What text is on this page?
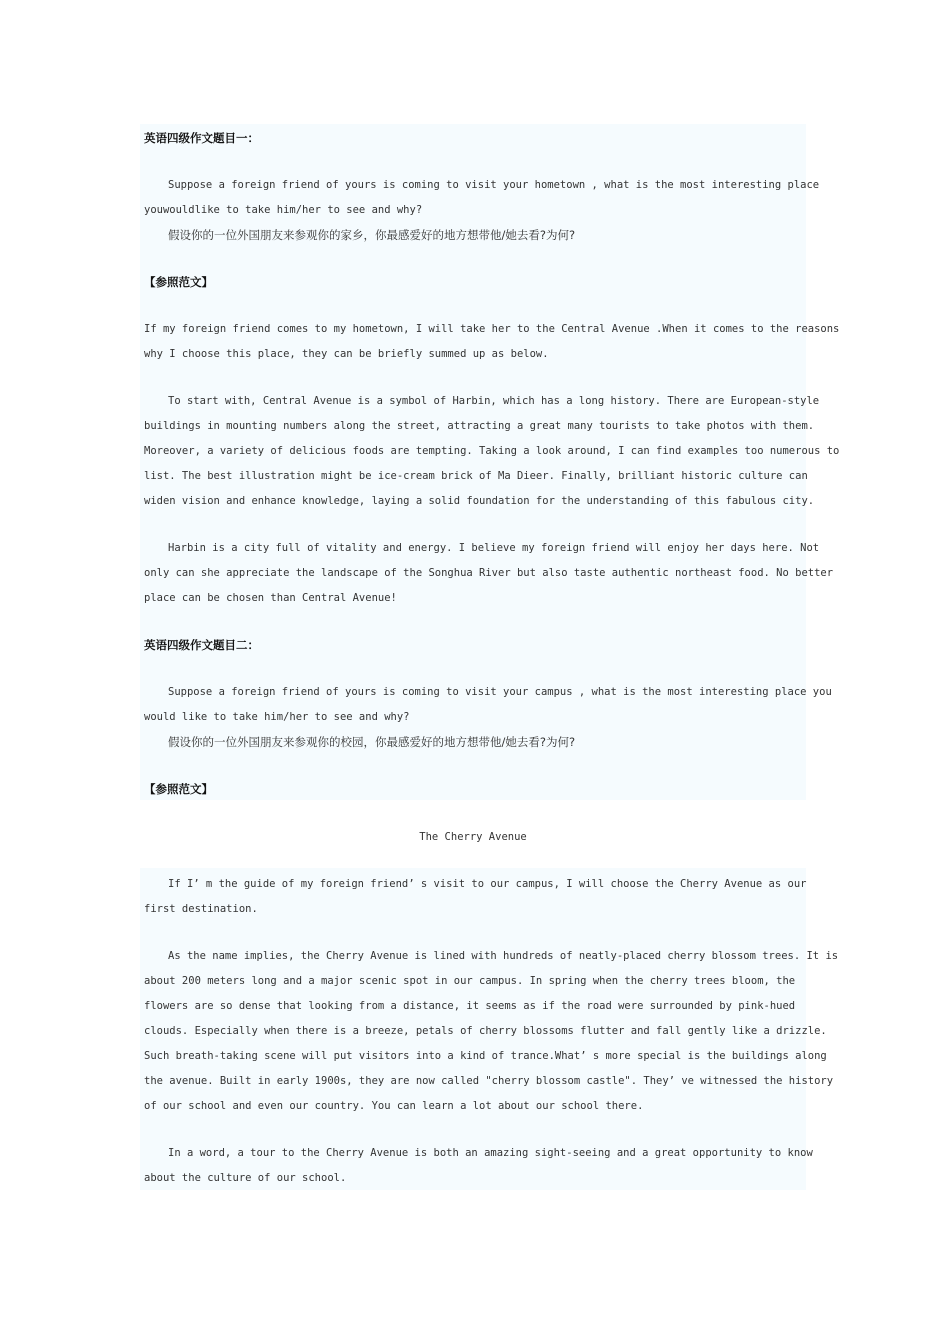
英语四级作文题目一：
Suppose a foreign friend of yours is coming to visit your hometown , what is the most interesting place
youwouldlike to take him/her to see and why?
假设你的一位外国朋友来参观你的家乡，你最感爱好的地方想带他/她去看?为何?
【参照范文】
If my foreign friend comes to my hometown, I will take her to the Central Avenue .When it comes to the reasons
why I choose this place, they can be briefly summed up as below.
To start with, Central Avenue is a symbol of Harbin, which has a long history. There are European-style
buildings in mounting numbers along the street, attracting a great many tourists to take photos with them.
Moreover, a variety of delicious foods are tempting. Taking a look around, I can find examples too numerous to
list. The best illustration might be ice-cream brick of Ma Dieer. Finally, brilliant historic culture can
widen vision and enhance knowledge, laying a solid foundation for the understanding of this fabulous city.
Harbin is a city full of vitality and energy. I believe my foreign friend will enjoy her days here. Not
only can she appreciate the landscape of the Songhua River but also taste authentic northeast food. No better
place can be chosen than Central Avenue!
英语四级作文题目二：
Suppose a foreign friend of yours is coming to visit your campus , what is the most interesting place you
would like to take him/her to see and why?
假设你的一位外国朋友来参观你的校园，你最感爱好的地方想带他/她去看?为何?
【参照范文】
The Cherry Avenue
If I’ m the guide of my foreign friend’ s visit to our campus, I will choose the Cherry Avenue as our
first destination.
As the name implies, the Cherry Avenue is lined with hundreds of neatly-placed cherry blossom trees. It is
about 200 meters long and a major scenic spot in our campus. In spring when the cherry trees bloom, the
flowers are so dense that looking from a distance, it seems as if the road were surrounded by pink-hued
clouds. Especially when there is a breeze, petals of cherry blossoms flutter and fall gently like a drizzle.
Such breath-taking scene will put visitors into a kind of trance.What’ s more special is the buildings along
the avenue. Built in early 1900s, they are now called "cherry blossom castle". They’ ve witnessed the history
of our school and even our country. You can learn a lot about our school there.
In a word, a tour to the Cherry Avenue is both an amazing sight-seeing and a great opportunity to know
about the culture of our school.
